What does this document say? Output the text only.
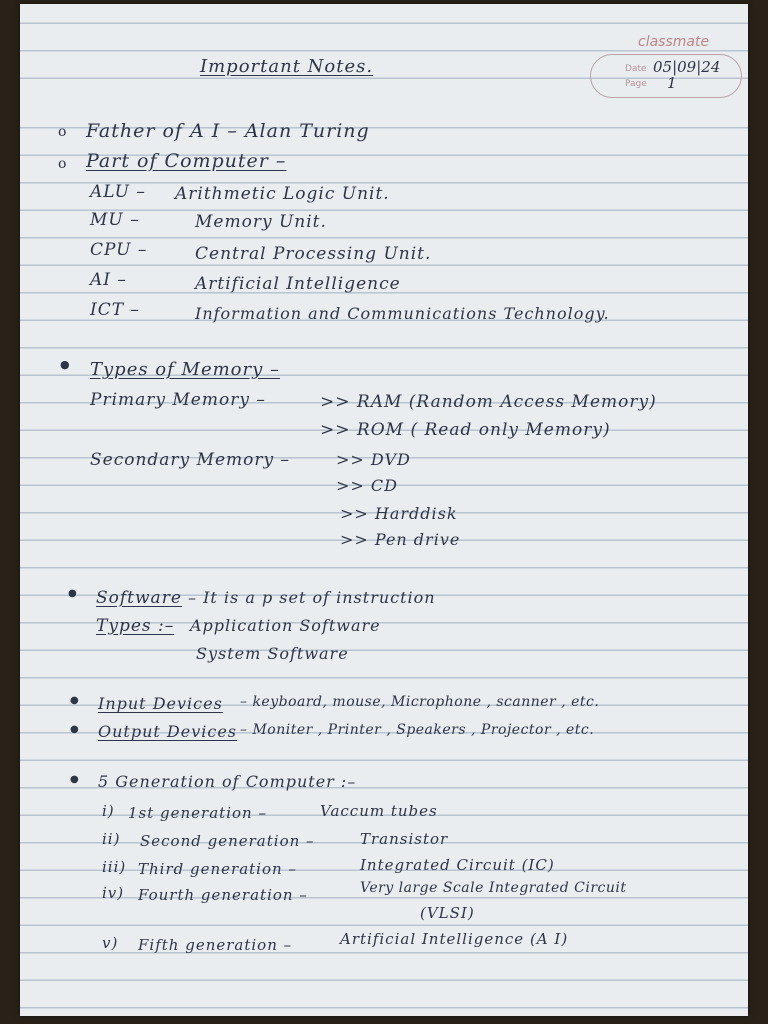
classmate
Date 05|09|24
Page 1
Important Notes.
o Father of A I – Alan Turing
o Part of Computer –
ALU – Arithmetic Logic Unit.
MU –	Memory Unit.
CPU –	Central Processing Unit.
AI –	Artificial Intelligence
ICT –	Information and Communications Technology.
● Types of Memory –
Primary Memory –	>> RAM (Random Access Memory)
>> ROM ( Read only Memory)
Secondary Memory –	>> DVD
>> CD
>> Harddisk
>> Pen drive
● Software – It is a p set of instruction
Types :– Application Software
System Software
● Input Devices – keyboard, mouse, Microphone , scanner , etc.
● Output Devices – Moniter , Printer , Speakers , Projector , etc.
● 5 Generation of Computer :–
i) 1st generation –	Vaccum tubes
ii) Second generation –	Transistor
iii) Third generation –	Integrated Circuit (IC)
iv) Fourth generation –	Very large Scale Integrated Circuit
(VLSI)
v) Fifth generation –	Artificial Intelligence (A I)
